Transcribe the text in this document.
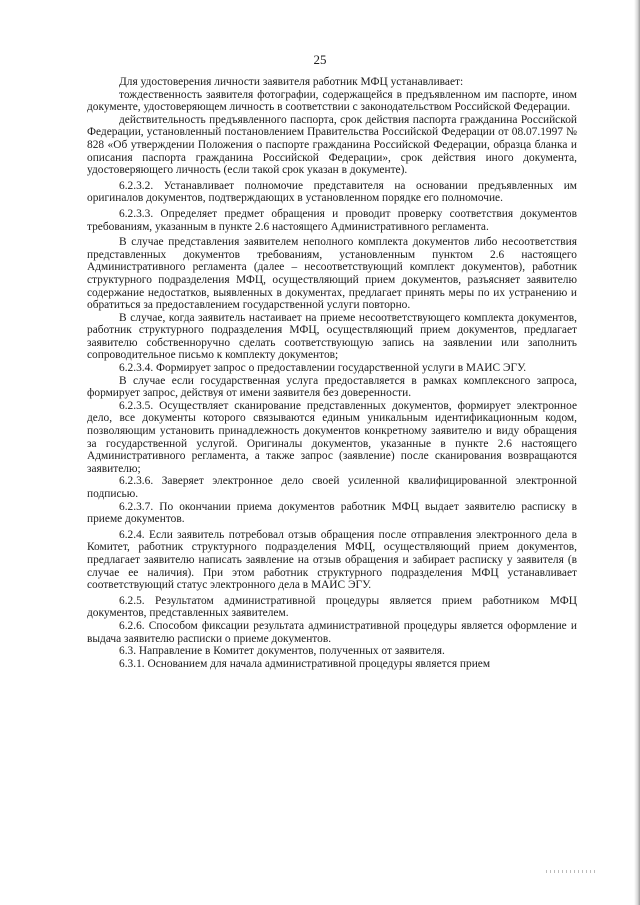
25

Для удостоверения личности заявителя работник МФЦ устанавливает:

тождественность заявителя фотографии, содержащейся в предъявленном им паспорте, ином документе, удостоверяющем личность в соответствии с законодательством Российской Федерации.

действительность предъявленного паспорта, срок действия паспорта гражданина Российской Федерации, установленный постановлением Правительства Российской Федерации от 08.07.1997 № 828 «Об утверждении Положения о паспорте гражданина Российской Федерации, образца бланка и описания паспорта гражданина Российской Федерации», срок действия иного документа, удостоверяющего личность (если такой срок указан в документе).

6.2.3.2. Устанавливает полномочие представителя на основании предъявленных им оригиналов документов, подтверждающих в установленном порядке его полномочие.

6.2.3.3. Определяет предмет обращения и проводит проверку соответствия документов требованиям, указанным в пункте 2.6 настоящего Административного регламента.

В случае представления заявителем неполного комплекта документов либо несоответствия представленных документов требованиям, установленным пунктом 2.6 настоящего Административного регламента (далее – несоответствующий комплект документов), работник структурного подразделения МФЦ, осуществляющий прием документов, разъясняет заявителю содержание недостатков, выявленных в документах, предлагает принять меры по их устранению и обратиться за предоставлением государственной услуги повторно.

В случае, когда заявитель настаивает на приеме несоответствующего комплекта документов, работник структурного подразделения МФЦ, осуществляющий прием документов, предлагает заявителю собственноручно сделать соответствующую запись на заявлении или заполнить сопроводительное письмо к комплекту документов;

6.2.3.4. Формирует запрос о предоставлении государственной услуги в МАИС ЭГУ.

В случае если государственная услуга предоставляется в рамках комплексного запроса, формирует запрос, действуя от имени заявителя без доверенности.

6.2.3.5. Осуществляет сканирование представленных документов, формирует электронное дело, все документы которого связываются единым уникальным идентификационным кодом, позволяющим установить принадлежность документов конкретному заявителю и виду обращения за государственной услугой. Оригиналы документов, указанные в пункте 2.6 настоящего Административного регламента, а также запрос (заявление) после сканирования возвращаются заявителю;

6.2.3.6. Заверяет электронное дело своей усиленной квалифицированной электронной подписью.

6.2.3.7. По окончании приема документов работник МФЦ выдает заявителю расписку в приеме документов.

6.2.4. Если заявитель потребовал отзыв обращения после отправления электронного дела в Комитет, работник структурного подразделения МФЦ, осуществляющий прием документов, предлагает заявителю написать заявление на отзыв обращения и забирает расписку у заявителя (в случае ее наличия). При этом работник структурного подразделения МФЦ устанавливает соответствующий статус электронного дела в МАИС ЭГУ.

6.2.5. Результатом административной процедуры является прием работником МФЦ документов, представленных заявителем.

6.2.6. Способом фиксации результата административной процедуры является оформление и выдача заявителю расписки о приеме документов.

6.3. Направление в Комитет документов, полученных от заявителя.

6.3.1. Основанием для начала административной процедуры является прием
